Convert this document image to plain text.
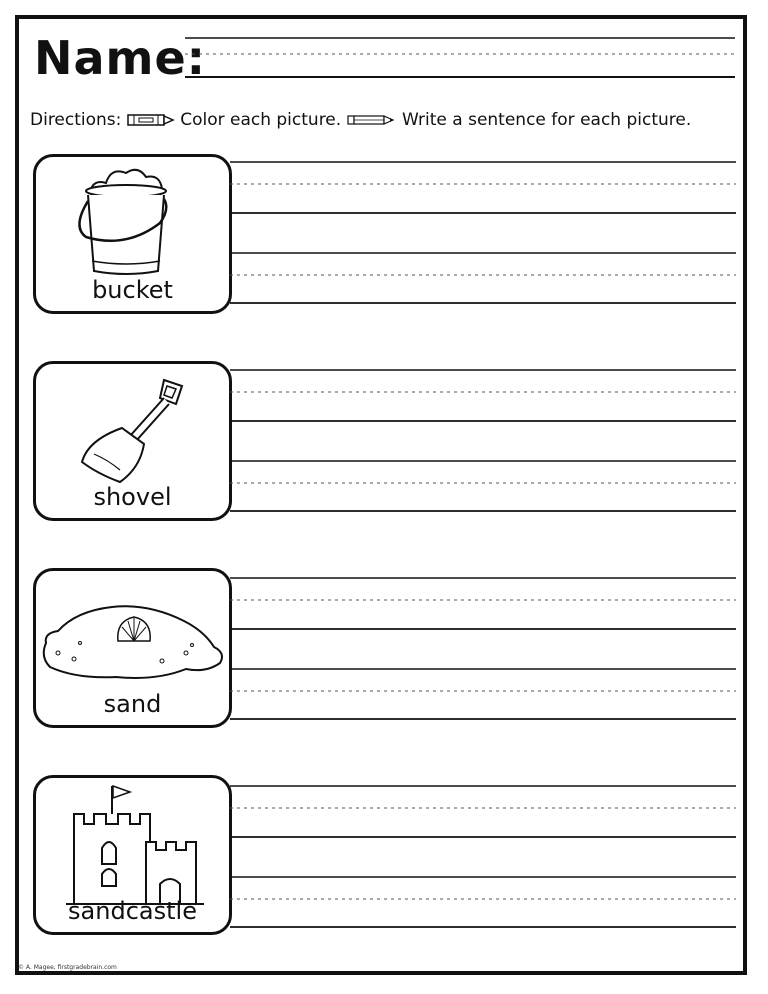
Name:
Directions:	Color each picture.	Write a sentence for each picture.
bucket
shovel
sand
sandcastle
© A. Magee, firstgradebrain.com
